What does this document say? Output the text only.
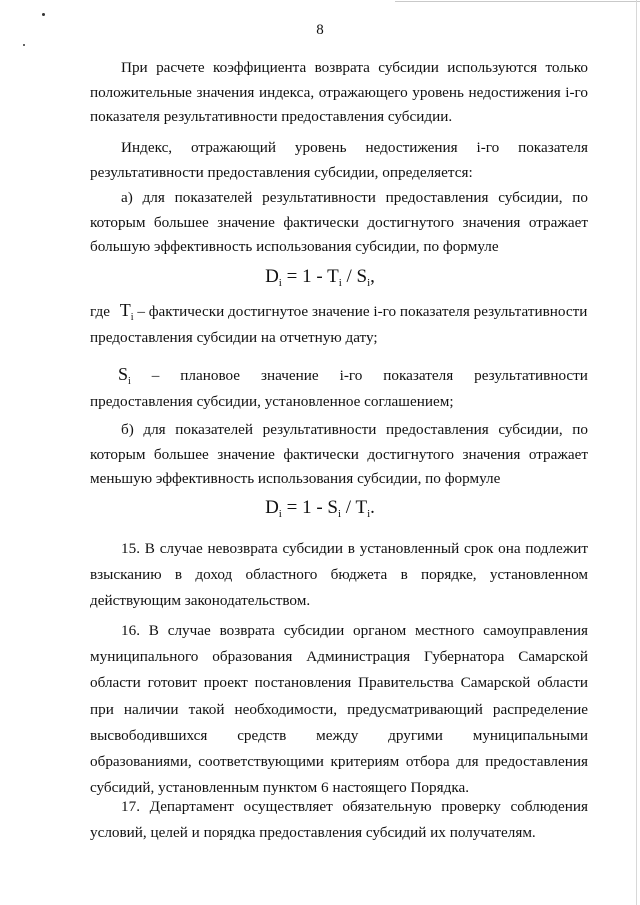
8

При расчете коэффициента возврата субсидии используются только положительные значения индекса, отражающего уровень недостижения i-го показателя результативности предоставления субсидии.

Индекс, отражающий уровень недостижения i-го показателя результативности предоставления субсидии, определяется:

а) для показателей результативности предоставления субсидии, по которым большее значение фактически достигнутого значения отражает большую эффективность использования субсидии, по формуле

$D_i = 1 - T_i / S_i$,
где $T_i$ – фактически достигнутое значение i-го показателя результативности
предоставления субсидии на отчетную дату;
$S_i$ – плановое значение i-го показателя результативности
предоставления субсидии, установленное соглашением;

б) для показателей результативности предоставления субсидии, по которым большее значение фактически достигнутого значения отражает меньшую эффективность использования субсидии, по формуле

$D_i = 1 - S_i / T_i$.

15. В случае невозврата субсидии в установленный срок она подлежит взысканию в доход областного бюджета в порядке, установленном действующим законодательством.

16. В случае возврата субсидии органом местного самоуправления муниципального образования Администрация Губернатора Самарской области готовит проект постановления Правительства Самарской области при наличии такой необходимости, предусматривающий распределение высвободившихся средств между другими муниципальными образованиями, соответствующими критериям отбора для предоставления субсидий, установленным пунктом 6 настоящего Порядка.

17. Департамент осуществляет обязательную проверку соблюдения условий, целей и порядка предоставления субсидий их получателям.
